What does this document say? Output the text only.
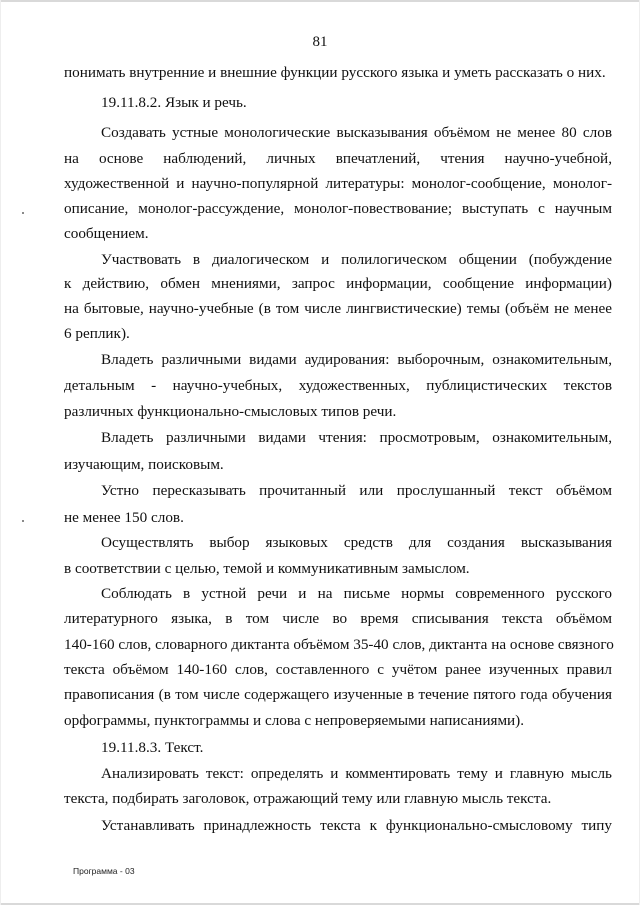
81
понимать внутренние и внешние функции русского языка и уметь рассказать о них.
19.11.8.2. Язык и речь.
Создавать устные монологические высказывания объёмом не менее 80 слов
на основе наблюдений, личных впечатлений, чтения научно-учебной,
художественной и научно-популярной литературы: монолог-сообщение, монолог-
описание, монолог-рассуждение, монолог-повествование; выступать с научным
сообщением.
Участвовать в диалогическом и полилогическом общении (побуждение
к действию, обмен мнениями, запрос информации, сообщение информации)
на бытовые, научно-учебные (в том числе лингвистические) темы (объём не менее
6 реплик).
Владеть различными видами аудирования: выборочным, ознакомительным,
детальным - научно-учебных, художественных, публицистических текстов
различных функционально-смысловых типов речи.
Владеть различными видами чтения: просмотровым, ознакомительным,
изучающим, поисковым.
Устно пересказывать прочитанный или прослушанный текст объёмом
не менее 150 слов.
Осуществлять выбор языковых средств для создания высказывания
в соответствии с целью, темой и коммуникативным замыслом.
Соблюдать в устной речи и на письме нормы современного русского
литературного языка, в том числе во время списывания текста объёмом
140-160 слов, словарного диктанта объёмом 35-40 слов, диктанта на основе связного
текста объёмом 140-160 слов, составленного с учётом ранее изученных правил
правописания (в том числе содержащего изученные в течение пятого года обучения
орфограммы, пунктограммы и слова с непроверяемыми написаниями).
19.11.8.3. Текст.
Анализировать текст: определять и комментировать тему и главную мысль
текста, подбирать заголовок, отражающий тему или главную мысль текста.
Устанавливать принадлежность текста к функционально-смысловому типу
Программа - 03
